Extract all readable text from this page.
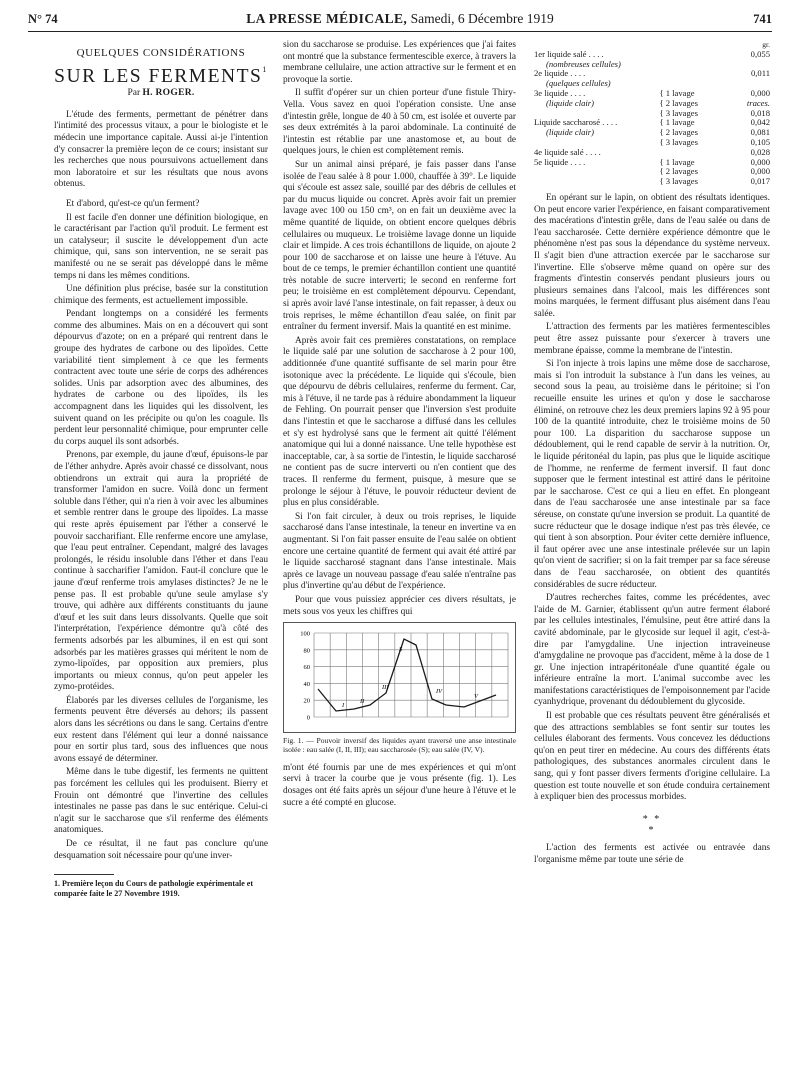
N° 74	LA PRESSE MÉDICALE, Samedi, 6 Décembre 1919	741
QUELQUES CONSIDÉRATIONS
SUR LES FERMENTS$^1$
Par H. ROGER.

L'étude des ferments, permettant de pénétrer dans l'intimité des processus vitaux, a pour le biologiste et le médecin une importance capitale. Aussi ai-je l'intention d'y consacrer la première leçon de ce cours; insistant sur les recherches que nous poursuivons actuellement dans mon laboratoire et sur les résultats que nous avons obtenus.

Et d'abord, qu'est-ce qu'un ferment?

Il est facile d'en donner une définition biologique, en le caractérisant par l'action qu'il produit. Le ferment est un catalyseur; il suscite le développement d'un acte chimique, qui, sans son intervention, ne se serait pas manifesté ou ne se serait pas développé dans le même temps ni dans les mêmes conditions.

Une définition plus précise, basée sur la constitution chimique des ferments, est actuellement impossible.

Pendant longtemps on a considéré les ferments comme des albumines. Mais on en a découvert qui sont dépourvus d'azote; on en a préparé qui rentrent dans le groupe des hydrates de carbone ou des lipoïdes. Cette variabilité tient simplement à ce que les ferments contractent avec toute une série de corps des adhérences solides. Unis par adsorption avec des albumines, des hydrates de carbone ou des lipoïdes, ils les accompagnent dans les liquides qui les dissolvent, les suivent quand on les précipite ou qu'on les coagule. Ils perdent leur personnalité chimique, pour emprunter celle du corps auquel ils sont adsorbés.

Prenons, par exemple, du jaune d'œuf, épuisons-le par de l'éther anhydre. Après avoir chassé ce dissolvant, nous obtiendrons un extrait qui aura la propriété de transformer l'amidon en sucre. Voilà donc un ferment soluble dans l'éther, qui n'a rien à voir avec les albumines et semble rentrer dans le groupe des lipoïdes. La masse qui reste après épuisement par l'éther a conservé le pouvoir saccharifiant. Elle renferme encore une amylase, que l'eau peut entraîner. Cependant, malgré des lavages prolongés, le résidu insoluble dans l'éther et dans l'eau continue à saccharifier l'amidon. Faut-il conclure que le jaune d'œuf renferme trois amylases distinctes? Je ne le pense pas. Il est probable qu'une seule amylase s'y trouve, qui adhère aux différents constituants du jaune d'œuf et les suit dans leurs dissolvants. Quelle que soit l'interprétation, l'expérience démontre qu'à côté des ferments adsorbés par les albumines, il en est qui sont adsorbés par les matières grasses qui méritent le nom de zymo-lipoïdes, par opposition aux premiers, plus importants ou mieux connus, qu'on peut appeler les zymo-protéides.

Élaborés par les diverses cellules de l'organisme, les ferments peuvent être déversés au dehors; ils passent alors dans les sécrétions ou dans le sang. Certains d'entre eux restent dans l'élément qui leur a donné naissance pour en sortir plus tard, sous des influences que nous avons essayé de déterminer.

Même dans le tube digestif, les ferments ne quittent pas forcément les cellules qui les produisent. Bierry et Frouin ont démontré que l'invertine des cellules intestinales ne passe pas dans le suc entérique. Celui-ci n'agit sur le saccharose que s'il renferme des éléments anatomiques.

De ce résultat, il ne faut pas conclure qu'une desquamation soit nécessaire pour qu'une inver-

1. Première leçon du Cours de pathologie expérimentale et comparée faite le 27 Novembre 1919.

sion du saccharose se produise. Les expériences que j'ai faites ont montré que la substance fermentescible exerce, à travers la membrane cellulaire, une action attractive sur le ferment et en provoque la sortie.

Il suffit d'opérer sur un chien porteur d'une fistule Thiry-Vella. Vous savez en quoi l'opération consiste. Une anse d'intestin grêle, longue de 40 à 50 cm, est isolée et ouverte par ses deux extrémités à la paroi abdominale. La continuité de l'intestin est rétablie par une anastomose et, au bout de quelques jours, le chien est complètement remis.

Sur un animal ainsi préparé, je fais passer dans l'anse isolée de l'eau salée à 8 pour 1.000, chauffée à 39°. Le liquide qui s'écoule est assez sale, souillé par des débris de cellules et par du mucus liquide ou concret. Après avoir fait un premier lavage avec 100 ou 150 cm³, on en fait un deuxième avec la même quantité de liquide, on obtient encore quelques débris cellulaires ou muqueux. Le troisième lavage donne un liquide clair et limpide. A ces trois échantillons de liquide, on ajoute 2 pour 100 de saccharose et on laisse une heure à l'étuve. Au bout de ce temps, le premier échantillon contient une quantité très notable de sucre interverti; le second en renferme fort peu; le troisième en est complètement dépourvu. Cependant, si après avoir lavé l'anse intestinale, on fait repasser, à deux ou trois reprises, le même échantillon d'eau salée, on finit par entraîner du ferment inversif. Mais la quantité en est minime.

Après avoir fait ces premières constatations, on remplace le liquide salé par une solution de saccharose à 2 pour 100, additionnée d'une quantité suffisante de sel marin pour être isotonique avec la précédente. Le liquide qui s'écoule, bien que dépourvu de débris cellulaires, renferme du ferment. Car, mis à l'étuve, il ne tarde pas à réduire abondamment la liqueur de Fehling. On pourrait penser que l'inversion s'est produite dans l'intestin et que le saccharose a diffusé dans les cellules et s'y est hydrolysé sans que le ferment ait quitté l'élément anatomique qui lui a donné naissance. Une telle hypothèse est inacceptable, car, à sa sortie de l'intestin, le liquide saccharosé ne contient pas de sucre interverti ou n'en contient que des traces. Il renferme du ferment, puisque, à mesure que se prolonge le séjour à l'étuve, le pouvoir réducteur devient de plus en plus considérable.

Si l'on fait circuler, à deux ou trois reprises, le liquide saccharosé dans l'anse intestinale, la teneur en invertine va en augmentant. Si l'on fait passer ensuite de l'eau salée on obtient encore une certaine quantité de ferment qui avait été attiré par le liquide saccharosé stagnant dans l'anse intestinale. Mais après ce lavage un nouveau passage d'eau salée n'entraîne pas plus d'invertine qu'au début de l'expérience.

Pour que vous puissiez apprécier ces divers résultats, je mets sous vos yeux les chiffres qui

100
80
60
40
20
0
I
II
III
S
IV
V
Fig. 1. — Pouvoir inversif des liquides ayant traversé une anse intestinale isolée : eau salée (I, II, III); eau saccharosée (S); eau salée (IV, V).

m'ont été fournis par une de mes expériences et qui m'ont servi à tracer la courbe que je vous présente (fig. 1). Les dosages ont été faits après un séjour d'une heure à l'étuve et le sucre a été compté en glucose.

		gr.
1er liquide salé . . . .
(nombreuses cellules)		0,055
2e liquide . . . .
(quelques cellules)		0,011
3e liquide . . . .	{ 1 lavage	0,000
(liquide clair)	{ 2 lavages	traces.
	{ 3 lavages	0,018
Liquide saccharosé . . . .	{ 1 lavage	0,042
(liquide clair)	{ 2 lavages	0,081
	{ 3 lavages	0,105
4e liquide salé . . . .		0,028
5e liquide . . . .	{ 1 lavage	0,000
	{ 2 lavages	0,000
	{ 3 lavages	0,017

En opérant sur le lapin, on obtient des résultats identiques. On peut encore varier l'expérience, en faisant comparativement des macérations d'intestin grêle, dans de l'eau salée ou dans de l'eau saccharosée. Cette dernière expérience démontre que le phénomène n'est pas sous la dépendance du système nerveux. Il s'agit bien d'une attraction exercée par le saccharose sur l'invertine. Elle s'observe même quand on opère sur des fragments d'intestin conservés pendant plusieurs jours ou plusieurs semaines dans l'alcool, mais les différences sont moins marquées, le ferment diffusant plus aisément dans l'eau salée.

L'attraction des ferments par les matières fermentescibles peut être assez puissante pour s'exercer à travers une membrane épaisse, comme la membrane de l'intestin.

Si l'on injecte à trois lapins une même dose de saccharose, mais si l'on introduit la substance à l'un dans les veines, au second sous la peau, au troisième dans le péritoine; si l'on recueille ensuite les urines et qu'on y dose le saccharose éliminé, on retrouve chez les deux premiers lapins 92 à 95 pour 100 de la quantité introduite, chez le troisième moins de 50 pour 100. La disparition du saccharose suppose un dédoublement, qui le rend capable de servir à la nutrition. Or, le liquide péritonéal du lapin, pas plus que le liquide ascitique de l'homme, ne renferme de ferment inversif. Il faut donc supposer que le ferment intestinal est attiré dans le péritoine par le saccharose. C'est ce qui a lieu en effet. En plongeant dans de l'eau saccharosée une anse intestinale par sa face séreuse, on constate qu'une inversion se produit. La quantité de sucre réducteur que le dosage indique n'est pas très élevée, ce qui tient à son absorption. Pour éviter cette dernière influence, il faut opérer avec une anse intestinale prélevée sur un lapin qu'on vient de sacrifier; si on la fait tremper par sa face séreuse dans de l'eau saccharosée, on obtient des quantités considérables de sucre réducteur.

D'autres recherches faites, comme les précédentes, avec l'aide de M. Garnier, établissent qu'un autre ferment élaboré par les cellules intestinales, l'émulsine, peut être attiré dans la cavité abdominale, par le glycoside sur lequel il agit, c'est-à-dire par l'amygdaline. Une injection intraveineuse d'amygdaline ne provoque pas d'accident, même à la dose de 1 gr. Une injection intrapéritonéale d'une quantité égale ou inférieure entraîne la mort. L'animal succombe avec les manifestations caractéristiques de l'empoisonnement par l'acide cyanhydrique, provenant du dédoublement du glycoside.

Il est probable que ces résultats peuvent être généralisés et que des attractions semblables se font sentir sur toutes les cellules élaborant des ferments. Vous concevez les déductions qu'on en peut tirer en médecine. Au cours des différents états pathologiques, des substances anormales circulent dans le sang, qui y font passer divers ferments d'origine cellulaire. La question est toute nouvelle et son étude conduira certainement à expliquer bien des processus morbides.

* *
*

L'action des ferments est activée ou entravée dans l'organisme même par toute une série de
